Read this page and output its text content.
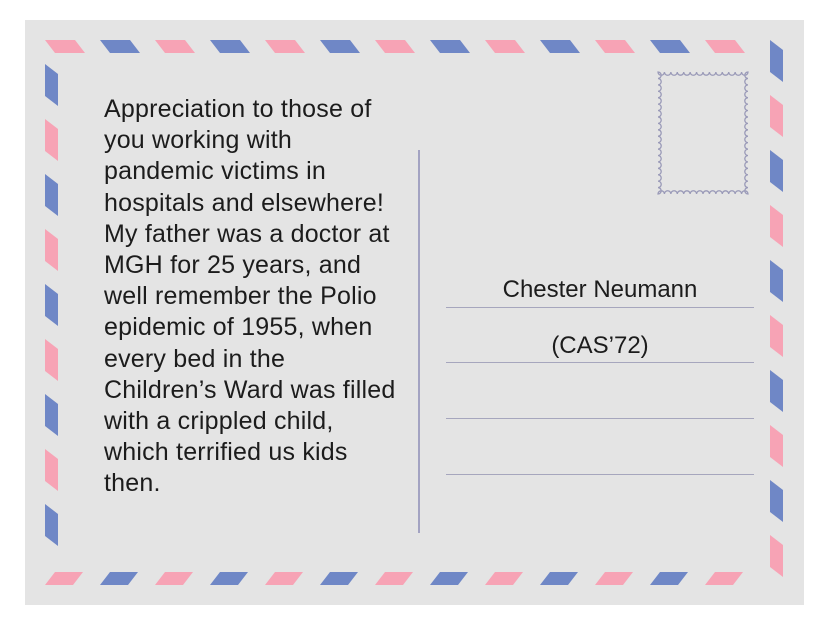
Appreciation to those of you working with pandemic victims in hospitals and elsewhere! My father was a doctor at MGH for 25 years, and well remember the Polio epidemic of 1955, when every bed in the Children’s Ward was filled with a crippled child, which terrified us kids then.
Chester Neumann
(CAS’72)
